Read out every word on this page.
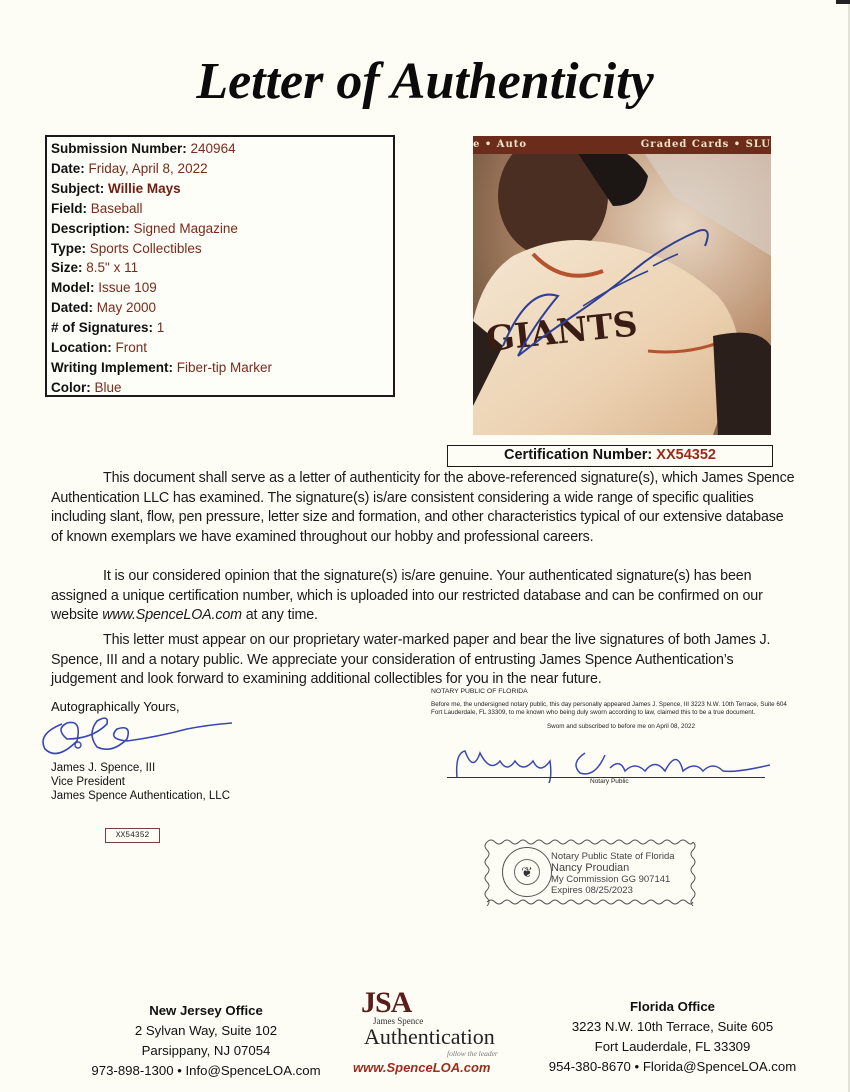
Letter of Authenticity
Submission Number: 240964
Date: Friday, April 8, 2022
Subject: Willie Mays
Field: Baseball
Description: Signed Magazine
Type: Sports Collectibles
Size: 8.5" x 11
Model: Issue 109
Dated: May 2000
# of Signatures: 1
Location: Front
Writing Implement: Fiber-tip Marker
Color: Blue
GIANTS
e • Auto	Graded Cards • SLU
Certification Number: XX54352
This document shall serve as a letter of authenticity for the above-referenced signature(s), which James Spence Authentication LLC has examined. The signature(s) is/are consistent considering a wide range of specific qualities including slant, flow, pen pressure, letter size and formation, and other characteristics typical of our extensive database of known exemplars we have examined throughout our hobby and professional careers.
It is our considered opinion that the signature(s) is/are genuine. Your authenticated signature(s) has been assigned a unique certification number, which is uploaded into our restricted database and can be confirmed on our website www.SpenceLOA.com at any time.
This letter must appear on our proprietary water-marked paper and bear the live signatures of both James J. Spence, III and a notary public. We appreciate your consideration of entrusting James Spence Authentication’s judgement and look forward to examining additional collectibles for you in the near future.
Autographically Yours,
James J. Spence, III
Vice President
James Spence Authentication, LLC
XX54352
NOTARY PUBLIC OF FLORIDA
Before me, the undersigned notary public, this day personally appeared James J. Spence, III 3223 N.W. 10th Terrace, Suite 604 Fort Lauderdale, FL 33309, to me known who being duly sworn according to law, claimed this to be a true document.
Swom and subscribed to before me on April 08, 2022
Notary Public
❦
Notary Public State of Florida
Nancy Proudian
My Commission GG 907141
Expires 08/25/2023
New Jersey Office
2 Sylvan Way, Suite 102
Parsippany, NJ 07054
973-898-1300 • Info@SpenceLOA.com
JSA
James Spence
Authentication
follow the leader
www.SpenceLOA.com
Florida Office
3223 N.W. 10th Terrace, Suite 605
Fort Lauderdale, FL 33309
954-380-8670 • Florida@SpenceLOA.com
